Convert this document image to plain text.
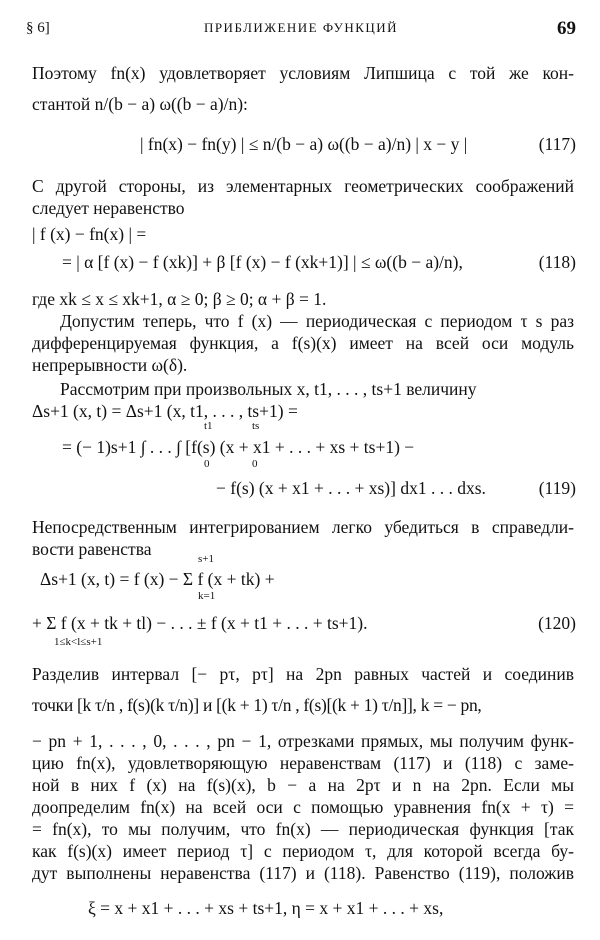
§ 6]	ПРИБЛИЖЕНИЕ ФУНКЦИЙ	69
Поэтому fn(x) удовлетворяет условиям Липшица с той же кон-
стантой n/(b − a) ω((b − a)/n):
| fn(x) − fn(y) | ≤ n/(b − a) ω((b − a)/n) | x − y |	(117)
С другой стороны, из элементарных геометрических соображений
следует неравенство
| f (x) − fn(x) | =
= | α [f (x) − f (xk)] + β [f (x) − f (xk+1)] | ≤ ω((b − a)/n),	(118)
где xk ≤ x ≤ xk+1, α ≥ 0; β ≥ 0; α + β = 1.
Допустим теперь, что f (x) — периодическая с периодом τ s раз
дифференцируемая функция, а f(s)(x) имеет на всей оси модуль
непрерывности ω(δ).
Рассмотрим при произвольных x, t1, . . . , ts+1 величину
Δs+1 (x, t) = Δs+1 (x, t1, . . . , ts+1) =
t1	ts
= (− 1)s+1 ∫ . . . ∫ [f(s) (x + x1 + . . . + xs + ts+1) −
0	0
− f(s) (x + x1 + . . . + xs)] dx1 . . . dxs.	(119)
Непосредственным интегрированием легко убедиться в справедли-
вости равенства	s+1
Δs+1 (x, t) = f (x) − Σ f (x + tk) +
k=1
+ Σ f (x + tk + tl) − . . . ± f (x + t1 + . . . + ts+1).
1≤k<l≤s+1
(120)
Разделив интервал [− pτ, pτ] на 2pn равных частей и соединив
точки [k τ/n , f(s)(k τ/n)] и [(k + 1) τ/n , f(s)[(k + 1) τ/n]], k = − pn,
− pn + 1, . . . , 0, . . . , pn − 1, отрезками прямых, мы получим функ-
цию fn(x), удовлетворяющую неравенствам (117) и (118) с заме-
ной в них f (x) на f(s)(x), b − a на 2pτ и n на 2pn. Если мы
доопределим fn(x) на всей оси с помощью уравнения fn(x + τ) =
= fn(x), то мы получим, что fn(x) — периодическая функция [так
как f(s)(x) имеет период τ] с периодом τ, для которой всегда бу-
дут выполнены неравенства (117) и (118). Равенство (119), положив
ξ = x + x1 + . . . + xs + ts+1, η = x + x1 + . . . + xs,
